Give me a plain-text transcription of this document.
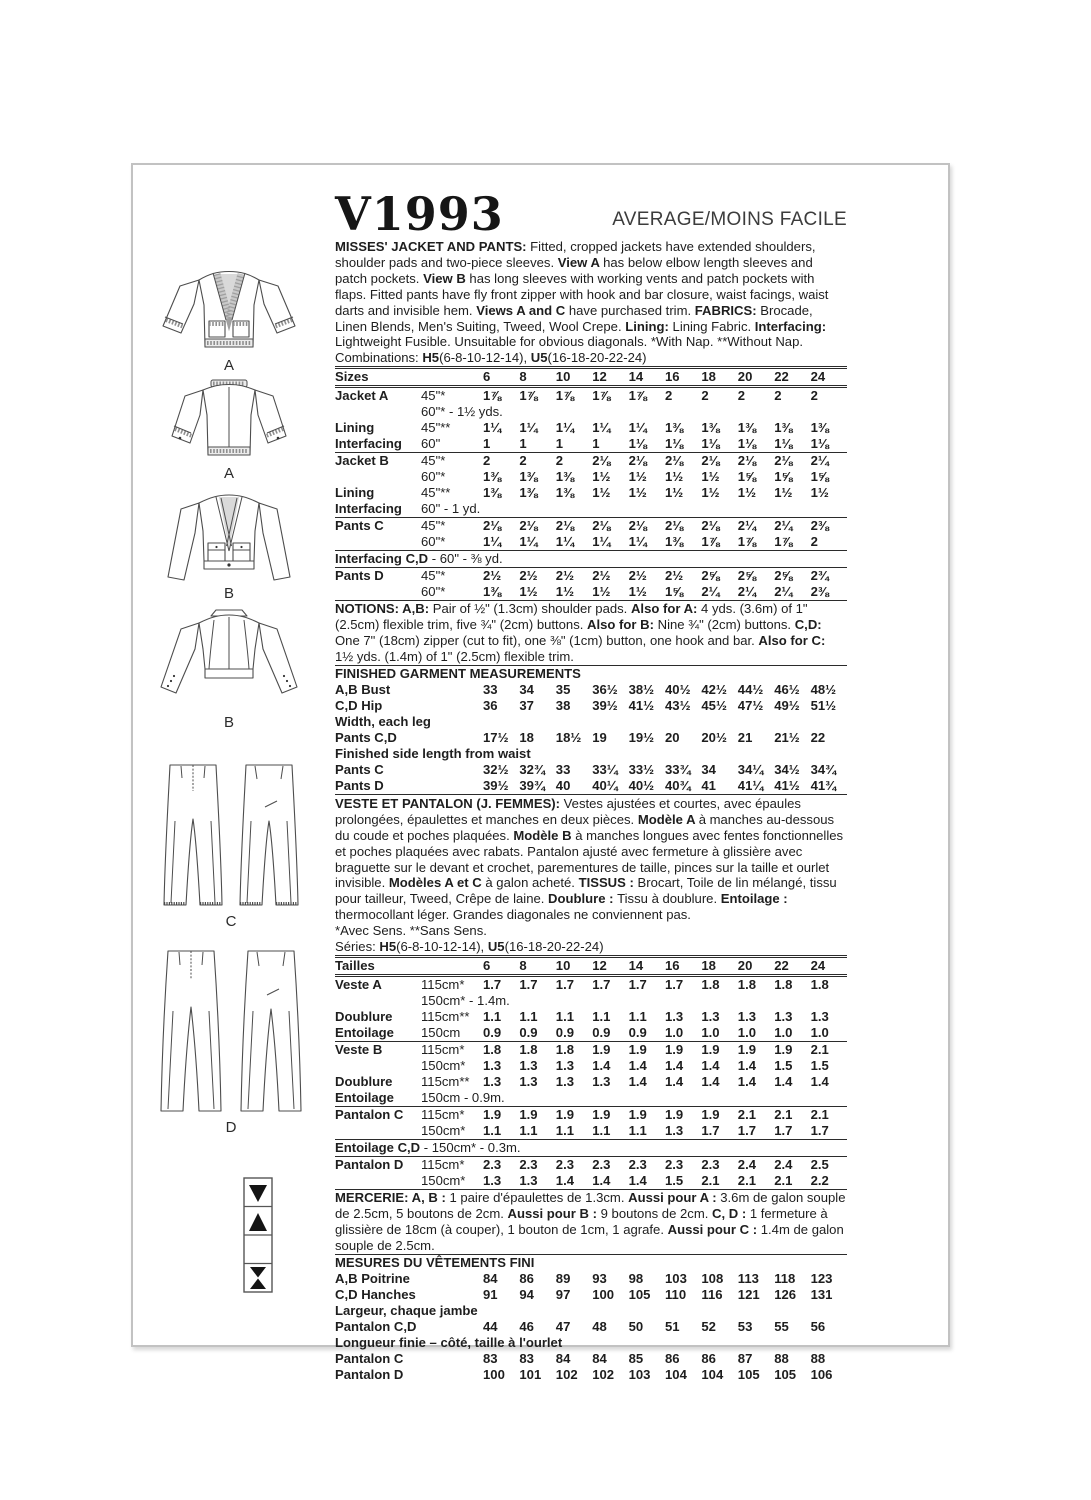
A
A
B
B
C
D
V1993	AVERAGE/MOINS FACILE

MISSES' JACKET AND PANTS: Fitted, cropped jackets have extended shoulders, shoulder pads and two-piece sleeves. View A has below elbow length sleeves and patch pockets. View B has long sleeves with working vents and patch pockets with flaps. Fitted pants have fly front zipper with hook and bar closure, waist facings, waist darts and invisible hem. Views A and C have purchased trim. FABRICS: Brocade, Linen Blends, Men's Suiting, Tweed, Wool Crepe. Lining: Lining Fabric. Interfacing: Lightweight Fusible. Unsuitable for obvious diagonals. *With Nap. **Without Nap.

Combinations: H5(6-8-10-12-14), U5(16-18-20-22-24)

Sizes	6	8	10	12	14	16	18	20	22	24
Jacket A	45"*	1⅞	1⅞	1⅞	1⅞	1⅞	2	2	2	2	2
60"* - 1½ yds.
Lining	45"**	1¼	1¼	1¼	1¼	1¼	1⅜	1⅜	1⅜	1⅜	1⅜
Interfacing	60"	1	1	1	1	1⅛	1⅛	1⅛	1⅛	1⅛	1⅛
Jacket B	45"*	2	2	2	2⅛	2⅛	2⅛	2⅛	2⅛	2⅛	2¼
60"*	1⅜	1⅜	1⅜	1½	1½	1½	1½	1⅝	1⅝	1⅝
Lining	45"**	1⅜	1⅜	1⅜	1½	1½	1½	1½	1½	1½	1½
Interfacing	60" - 1 yd.
Pants C	45"*	2⅛	2⅛	2⅛	2⅛	2⅛	2⅛	2⅛	2¼	2¼	2⅜
60"*	1¼	1¼	1¼	1¼	1¼	1⅜	1⅞	1⅞	1⅞	2
Interfacing C,D - 60" - ⅜ yd.
Pants D	45"*	2½	2½	2½	2½	2½	2½	2⅝	2⅝	2⅝	2¾
60"*	1⅜	1½	1½	1½	1½	1⅝	2¼	2¼	2¼	2⅜

NOTIONS: A,B: Pair of ½" (1.3cm) shoulder pads. Also for A: 4 yds. (3.6m) of 1" (2.5cm) flexible trim, five ¾" (2cm) buttons. Also for B: Nine ¾" (2cm) buttons. C,D: One 7" (18cm) zipper (cut to fit), one ⅜" (1cm) button, one hook and bar. Also for C: 1½ yds. (1.4m) of 1" (2.5cm) flexible trim.

FINISHED GARMENT MEASUREMENTS
A,B Bust	33	34	35	36½ 38½ 40½ 42½ 44½ 46½ 48½
C,D Hip	36	37	38	39½ 41½ 43½ 45½ 47½ 49½ 51½
Width, each leg
Pants C,D	17½ 18	18½ 19	19½ 20	20½ 21	21½ 22
Finished side length from waist
Pants C	32½ 32¾ 33	33¼ 33½ 33¾ 34	34¼ 34½ 34¾
Pants D	39½ 39¾ 40	40¼ 40½ 40¾ 41	41¼ 41½ 41¾

VESTE ET PANTALON (J. FEMMES): Vestes ajustées et courtes, avec épaules prolongées, épaulettes et manches en deux pièces. Modèle A à manches au-dessous du coude et poches plaquées. Modèle B à manches longues avec fentes fonctionnelles et poches plaquées avec rabats. Pantalon ajusté avec fermeture à glissière avec braguette sur le devant et crochet, parementures de taille, pinces sur la taille et ourlet invisible. Modèles A et C à galon acheté. TISSUS : Brocart, Toile de lin mélangé, tissu pour tailleur, Tweed, Crêpe de laine. Doublure : Tissu à doublure. Entoilage : thermocollant léger. Grandes diagonales ne conviennent pas.
*Avec Sens. **Sans Sens.

Séries: H5(6-8-10-12-14), U5(16-18-20-22-24)

Tailles	6	8	10	12	14	16	18	20	22	24
Veste A	115cm*	1.7	1.7	1.7	1.7	1.7	1.7	1.8	1.8	1.8	1.8
150cm* - 1.4m.
Doublure	115cm**	1.1	1.1	1.1	1.1	1.1	1.3	1.3	1.3	1.3	1.3
Entoilage	150cm	0.9	0.9	0.9	0.9	0.9	1.0	1.0	1.0	1.0	1.0
Veste B	115cm*	1.8	1.8	1.8	1.9	1.9	1.9	1.9	1.9	1.9	2.1
150cm*	1.3	1.3	1.3	1.4	1.4	1.4	1.4	1.4	1.5	1.5
Doublure	115cm**	1.3	1.3	1.3	1.3	1.4	1.4	1.4	1.4	1.4	1.4
Entoilage	150cm - 0.9m.
Pantalon C	115cm*	1.9	1.9	1.9	1.9	1.9	1.9	1.9	2.1	2.1	2.1
150cm*	1.1	1.1	1.1	1.1	1.1	1.3	1.7	1.7	1.7	1.7
Entoilage C,D - 150cm* - 0.3m.
Pantalon D	115cm*	2.3	2.3	2.3	2.3	2.3	2.3	2.3	2.4	2.4	2.5
150cm*	1.3	1.3	1.4	1.4	1.4	1.5	2.1	2.1	2.1	2.2

MERCERIE: A, B : 1 paire d'épaulettes de 1.3cm. Aussi pour A : 3.6m de galon souple de 2.5cm, 5 boutons de 2cm. Aussi pour B : 9 boutons de 2cm. C, D : 1 fermeture à glissière de 18cm (à couper), 1 bouton de 1cm, 1 agrafe. Aussi pour C : 1.4m de galon souple de 2.5cm.

MESURES DU VÊTEMENTS FINI
A,B Poitrine	84	86	89	93	98	103	108	113	118	123
C,D Hanches	91	94	97	100	105	110	116	121	126	131
Largeur, chaque jambe
Pantalon C,D	44	46	47	48	50	51	52	53	55	56
Longueur finie – côté, taille à l'ourlet
Pantalon C	83	83	84	84	85	86	86	87	88	88
Pantalon D	100	101	102	102	103	104	104	105	105	106
